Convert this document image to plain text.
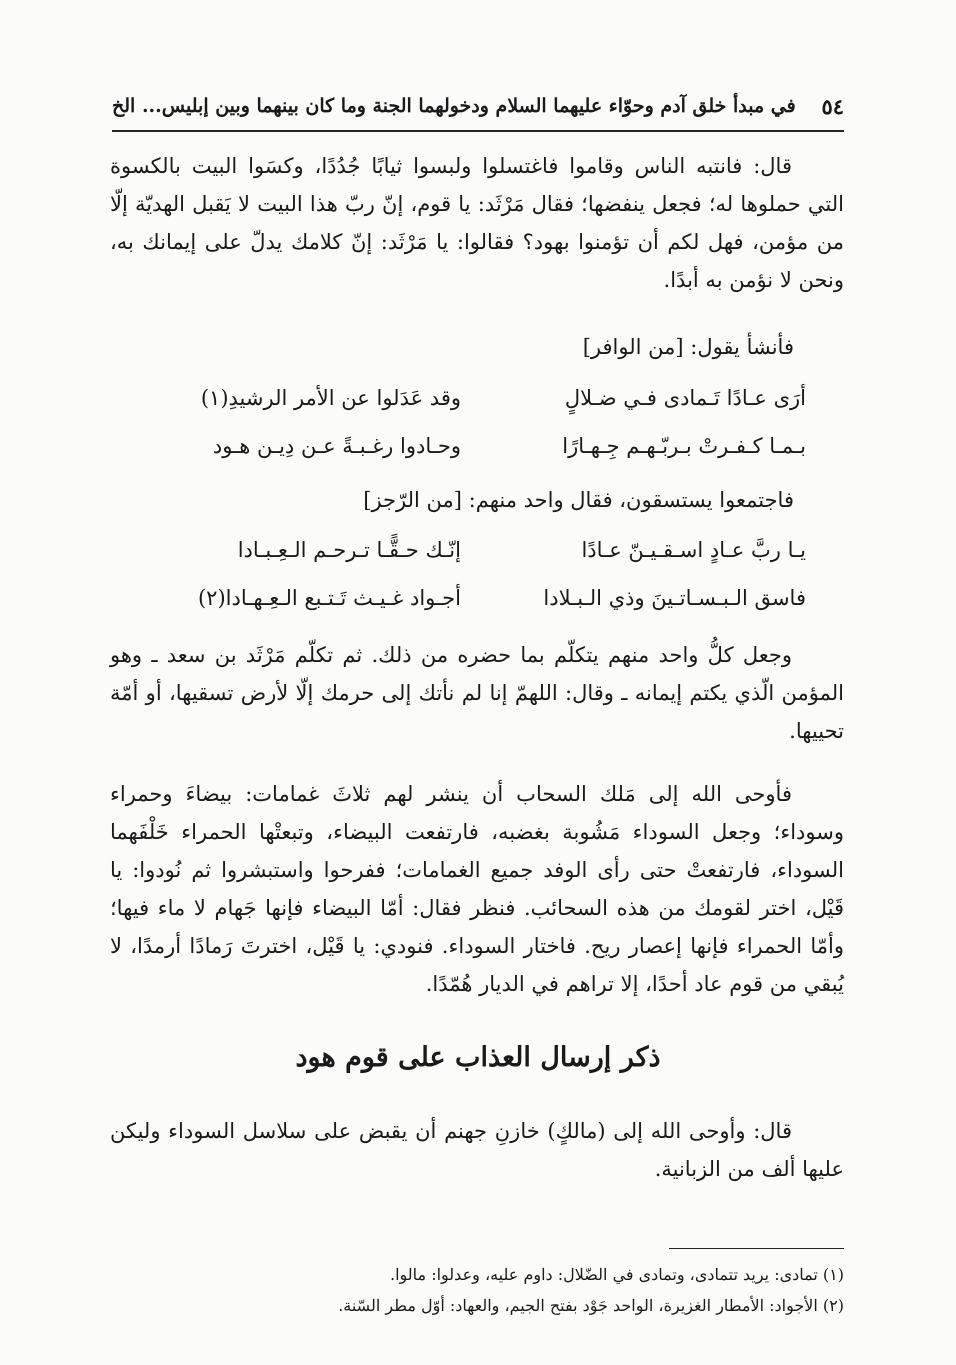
٥٤
في مبدأ خلق آدم وحوّاء عليهما السلام ودخولهما الجنة وما كان بينهما وبين إبليس... الخ

قال: فانتبه الناس وقاموا فاغتسلوا ولبسوا ثيابًا جُدُدًا، وكسَوا البيت بالكسوة التي حملوها له؛ فجعل ينفضها؛ فقال مَرْثَد: يا قوم، إنّ ربّ هذا البيت لا يَقبل الهديّة إلّا من مؤمن، فهل لكم أن تؤمنوا بهود؟ فقالوا: يا مَرْثَد: إنّ كلامك يدلّ على إيمانك به، ونحن لا نؤمن به أبدًا.

فأنشأ يقول: [من الوافر]
أرَى عـادًا تَـمادى فـي ضـلالٍ
وقد عَدَلوا عن الأمر الرشيدِ(١)
بـمـا كـفـرتْ بـربّـهـم جِـهـارًا
وحـادوا رغـبـةً عـن دِيـن هـود
فاجتمعوا يستسقون، فقال واحد منهم: [من الرّجز]
يـا ربَّ عـادٍ اسـقـيـنّ عـادًا
إنّـك حـقًّـا تـرحـم الـعِـبـادا
فاسق الـبـسـاتـينَ وذي الـبـلادا
أجـواد غـيـث تَـتـبع الـعِـهـادا(٢)

وجعل كلُّ واحد منهم يتكلّم بما حضره من ذلك. ثم تكلّم مَرْثَد بن سعد ـ وهو المؤمن الّذي يكتم إيمانه ـ وقال: اللهمّ إنا لم نأتك إلى حرمك إلّا لأرض تسقيها، أو أمّة تحييها.

فأوحى الله إلى مَلك السحاب أن ينشر لهم ثلاثَ غمامات: بيضاءَ وحمراء وسوداء؛ وجعل السوداء مَشُوبة بغضبه، فارتفعت البيضاء، وتبعتْها الحمراء خَلْفَهما السوداء، فارتفعتْ حتى رأى الوفد جميع الغمامات؛ ففرحوا واستبشروا ثم نُودوا: يا قَيْل، اختر لقومك من هذه السحائب. فنظر فقال: أمّا البيضاء فإنها جَهام لا ماء فيها؛ وأمّا الحمراء فإنها إعصار ريح. فاختار السوداء. فنودي: يا قَيْل، اخترتَ رَمادًا أرمدًا، لا يُبقي من قوم عاد أحدًا، إلا تراهم في الديار هُمّدًا.

ذكر إرسال العذاب على قوم هود

قال: وأوحى الله إلى (مالكٍ) خازنِ جهنم أن يقبض على سلاسل السوداء وليكن عليها ألف من الزبانية.

(١) تمادى: يريد تتمادى، وتمادى في الضّلال: داوم عليه، وعدلوا: مالوا.
(٢) الأجواد: الأمطار الغزيرة، الواحد جَوْد بفتح الجيم، والعهاد: أوّل مطر السّنة.
